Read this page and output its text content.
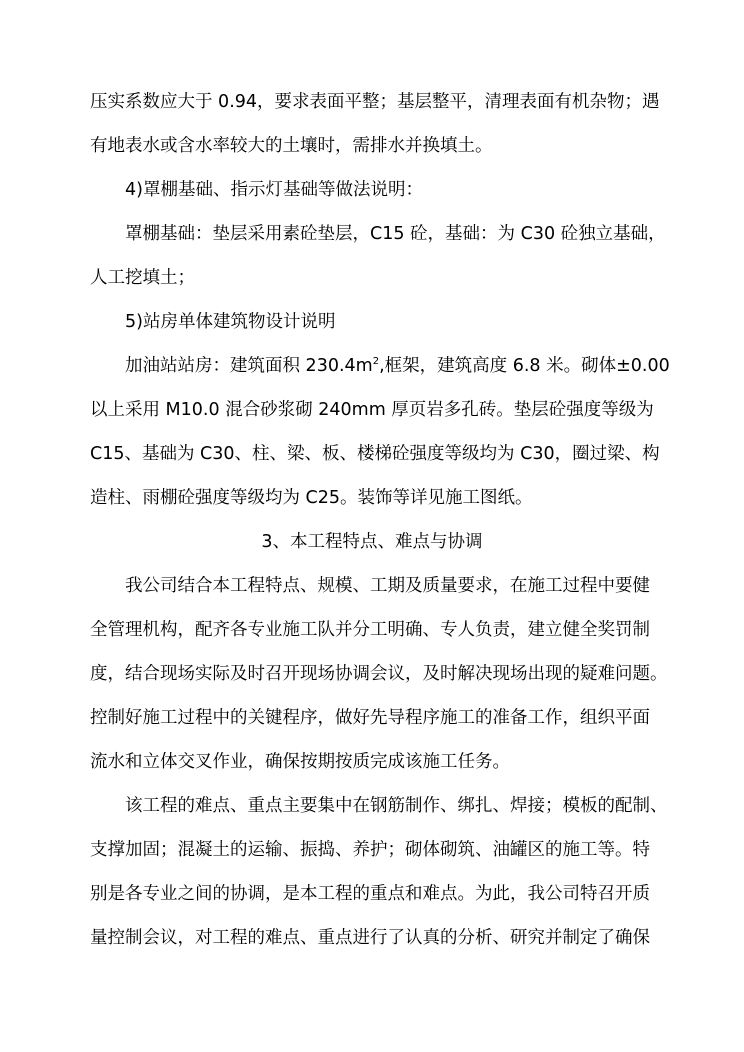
压实系数应大于 0.94，要求表面平整；基层整平，清理表面有机杂物；遇
有地表水或含水率较大的土壤时，需排水并换填土。
4)罩棚基础、指示灯基础等做法说明：
罩棚基础：垫层采用素砼垫层，C15 砼，基础：为 C30 砼独立基础，
人工挖填土；
5)站房单体建筑物设计说明
加油站站房：建筑面积 $230.4m^2$,框架，建筑高度 6.8 米。砌体±0.00
以上采用 M10.0 混合砂浆砌 240mm 厚页岩多孔砖。垫层砼强度等级为
C15、基础为 C30、柱、梁、板、楼梯砼强度等级均为 C30，圈过梁、构
造柱、雨棚砼强度等级均为 C25。装饰等详见施工图纸。
3、本工程特点、难点与协调
我公司结合本工程特点、规模、工期及质量要求，在施工过程中要健
全管理机构，配齐各专业施工队并分工明确、专人负责，建立健全奖罚制
度，结合现场实际及时召开现场协调会议，及时解决现场出现的疑难问题。
控制好施工过程中的关键程序，做好先导程序施工的准备工作，组织平面
流水和立体交叉作业，确保按期按质完成该施工任务。
该工程的难点、重点主要集中在钢筋制作、绑扎、焊接；模板的配制、
支撑加固；混凝土的运输、振捣、养护；砌体砌筑、油罐区的施工等。特
别是各专业之间的协调，是本工程的重点和难点。为此，我公司特召开质
量控制会议，对工程的难点、重点进行了认真的分析、研究并制定了确保
